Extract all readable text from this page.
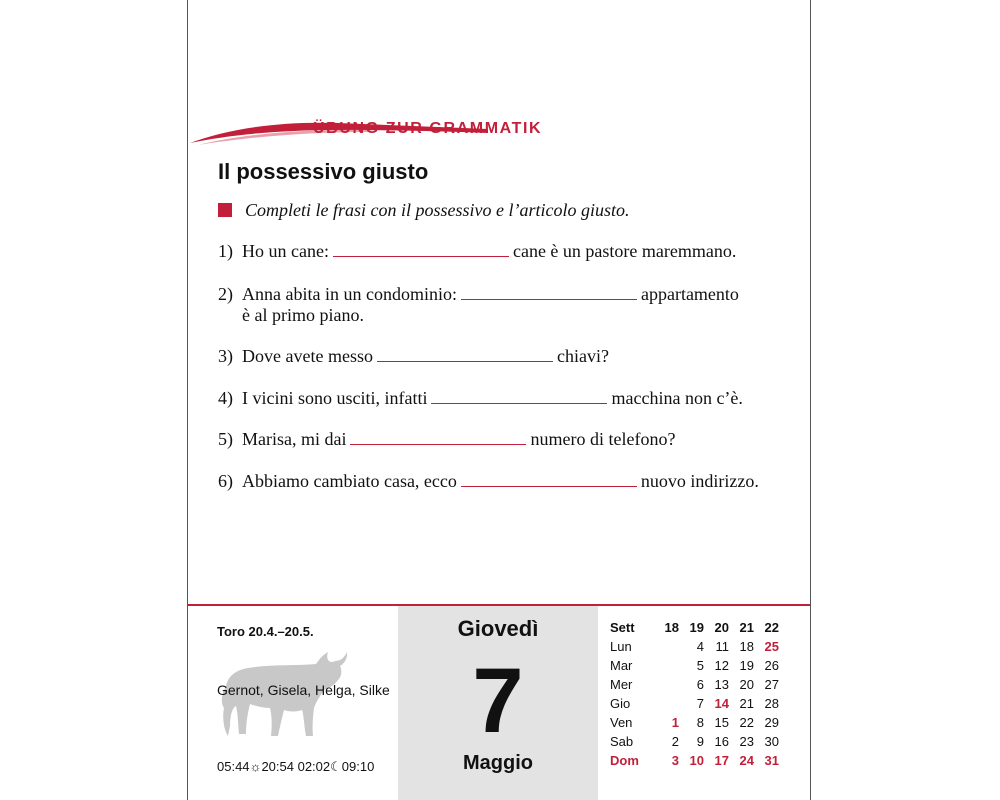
ÜBUNG ZUR GRAMMATIK
Il possessivo giusto
Completi le frasi con il possessivo e l’articolo giusto.
1) Ho un cane:	cane è un pastore maremmano.
2) Anna abita in un condominio:	appartamento
è al primo piano.
3) Dove avete messo	chiavi?
4) I vicini sono usciti, infatti	macchina non c’è.
5) Marisa, mi dai	numero di telefono?
6) Abbiamo cambiato casa, ecco	nuovo indirizzo.
Toro 20.4.–20.5.
Gernot, Gisela, Helga, Silke
05:44☼20:54 02:02☾09:10
Giovedì
7
Maggio
Sett	18	19	20	21	22
Lun		4	11	18	25
Mar		5	12	19	26
Mer		6	13	20	27
Gio		7	14	21	28
Ven	1	8	15	22	29
Sab	2	9	16	23	30
Dom	3	10	17	24	31
